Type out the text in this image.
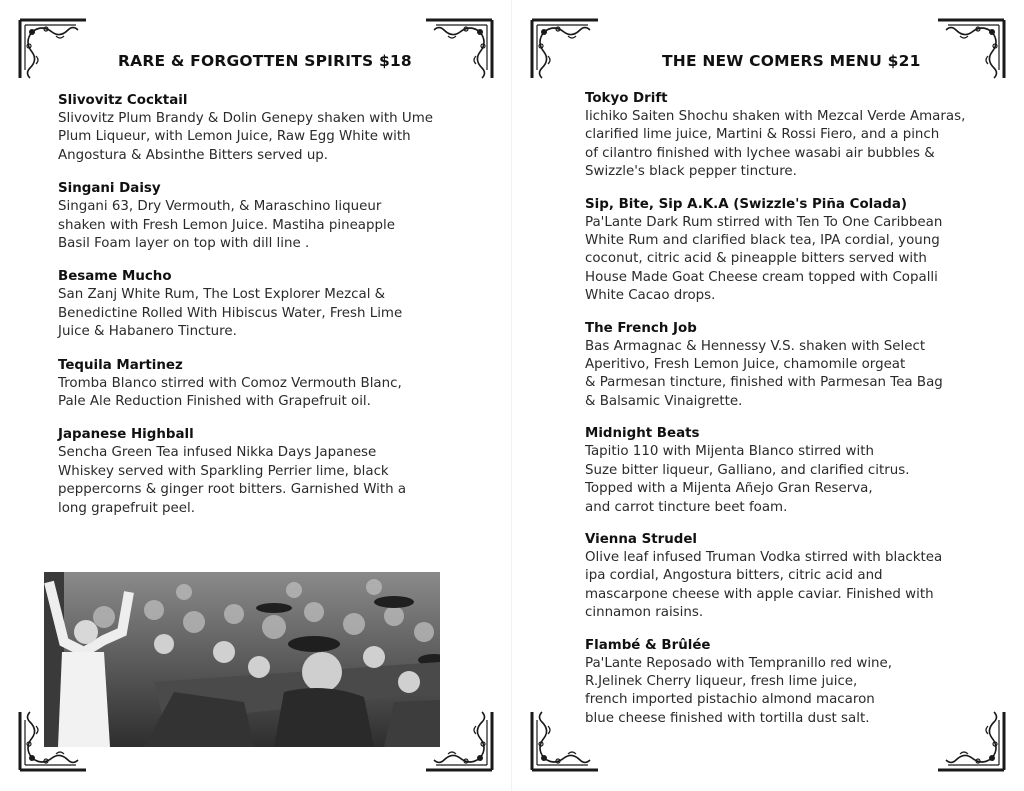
RARE & FORGOTTEN SPIRITS $18
Slivovitz Cocktail
Slivovitz Plum Brandy & Dolin Genepy shaken with Ume
Plum Liqueur, with Lemon Juice, Raw Egg White with
Angostura & Absinthe Bitters served up.
Singani Daisy
Singani 63, Dry Vermouth, & Maraschino liqueur
shaken with Fresh Lemon Juice. Mastiha pineapple
Basil Foam layer on top with dill line .
Besame Mucho
San Zanj White Rum, The Lost Explorer Mezcal &
Benedictine Rolled With Hibiscus Water, Fresh Lime
Juice & Habanero Tincture.
Tequila Martinez
Tromba Blanco stirred with Comoz Vermouth Blanc,
Pale Ale Reduction Finished with Grapefruit oil.
Japanese Highball
Sencha Green Tea infused Nikka Days Japanese
Whiskey served with Sparkling Perrier lime, black
peppercorns & ginger root bitters. Garnished With a
long grapefruit peel.
THE NEW COMERS MENU $21
Tokyo Drift
Iichiko Saiten Shochu shaken with Mezcal Verde Amaras,
clarified lime juice, Martini & Rossi Fiero, and a pinch
of cilantro finished with lychee wasabi air bubbles &
Swizzle's black pepper tincture.
Sip, Bite, Sip A.K.A (Swizzle's Piña Colada)
Pa'Lante Dark Rum stirred with Ten To One Caribbean
White Rum and clarified black tea, IPA cordial, young
coconut, citric acid & pineapple bitters served with
House Made Goat Cheese cream topped with Copalli
White Cacao drops.
The French Job
Bas Armagnac & Hennessy V.S. shaken with Select
Aperitivo, Fresh Lemon Juice, chamomile orgeat
& Parmesan tincture, finished with Parmesan Tea Bag
& Balsamic Vinaigrette.
Midnight Beats
Tapitio 110 with Mijenta Blanco stirred with
Suze bitter liqueur, Galliano, and clarified citrus.
Topped with a Mijenta Añejo Gran Reserva,
and carrot tincture beet foam.
Vienna Strudel
Olive leaf infused Truman Vodka stirred with blacktea
ipa cordial, Angostura bitters, citric acid and
mascarpone cheese with apple caviar. Finished with
cinnamon raisins.
Flambé & Brûlée
Pa'Lante Reposado with Tempranillo red wine,
R.Jelinek Cherry liqueur, fresh lime juice,
french imported pistachio almond macaron
blue cheese finished with tortilla dust salt.
